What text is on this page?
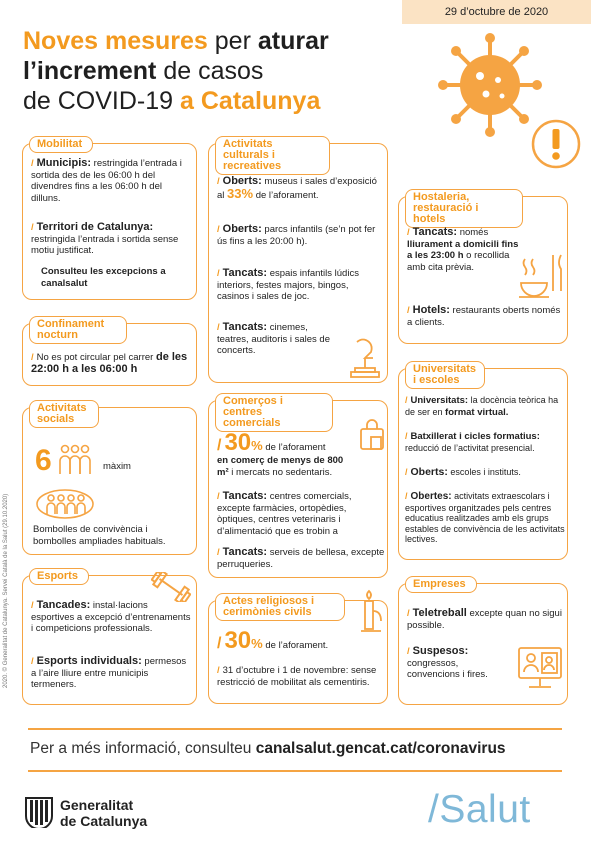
29 d’octubre de 2020
Noves mesures per aturar
l’increment de casos
de COVID-19 a Catalunya
Mobilitat
/ Municipis: restringida l’entrada i sortida des de les 06:00 h del divendres fins a les 06:00 h del dilluns.
/ Territori de Catalunya: restringida l’entrada i sortida sense motiu justificat.
Consulteu les excepcions a canalsalut
Confinament nocturn
/ No es pot circular pel carrer de les 22:00 h a les 06:00 h
Activitats socials
6	màxim
Bombolles de convivència i bombolles ampliades habituals.
Esports
/ Tancades: instal·lacions esportives a excepció d’entrenaments i competicions professionals.
/ Esports individuals: permesos a l’aire lliure entre municipis termeners.
Activitats culturals i recreatives
/ Oberts: museus i sales d’exposició al 33% de l’aforament.
/ Oberts: parcs infantils (se’n pot fer ús fins a les 20:00 h).
/ Tancats: espais infantils lúdics interiors, festes majors, bingos, casinos i sales de joc.
/ Tancats: cinemes, teatres, auditoris i sales de concerts.
Comerços i centres comercials
/ 30% de l’aforament
en comerç de menys de 800 m² i mercats no sedentaris.
/ Tancats: centres comercials, excepte farmàcies, ortopèdies, òptiques, centres veterinaris i d’alimentació que es trobin a
/ Tancats: serveis de bellesa, excepte perruqueries.
Actes religiosos i cerimònies civils
/ 30% de l’aforament.
/ 31 d’octubre i 1 de novembre: sense restricció de mobilitat als cementiris.
Hostaleria, restauració i hotels
/ Tancats: només lliurament a domicili fins a les 23:00 h o recollida amb cita prèvia.
/ Hotels: restaurants oberts només a clients.
Universitats i escoles
/ Universitats: la docència teòrica ha de ser en format virtual.
/ Batxillerat i cicles formatius: reducció de l’activitat presencial.
/ Oberts: escoles i instituts.
/ Obertes: activitats extraescolars i esportives organitzades pels centres educatius realitzades amb els grups estables de convivència de les activitats lectives.
Empreses
/ Teletreball excepte quan no sigui possible.
/ Suspesos: congressos, convencions i fires.
2020. © Generalitat de Catalunya. Servei Català de la Salut (29.10.2020)
Per a més informació, consulteu canalsalut.gencat.cat/coronavirus
Generalitat
de Catalunya	/Salut
